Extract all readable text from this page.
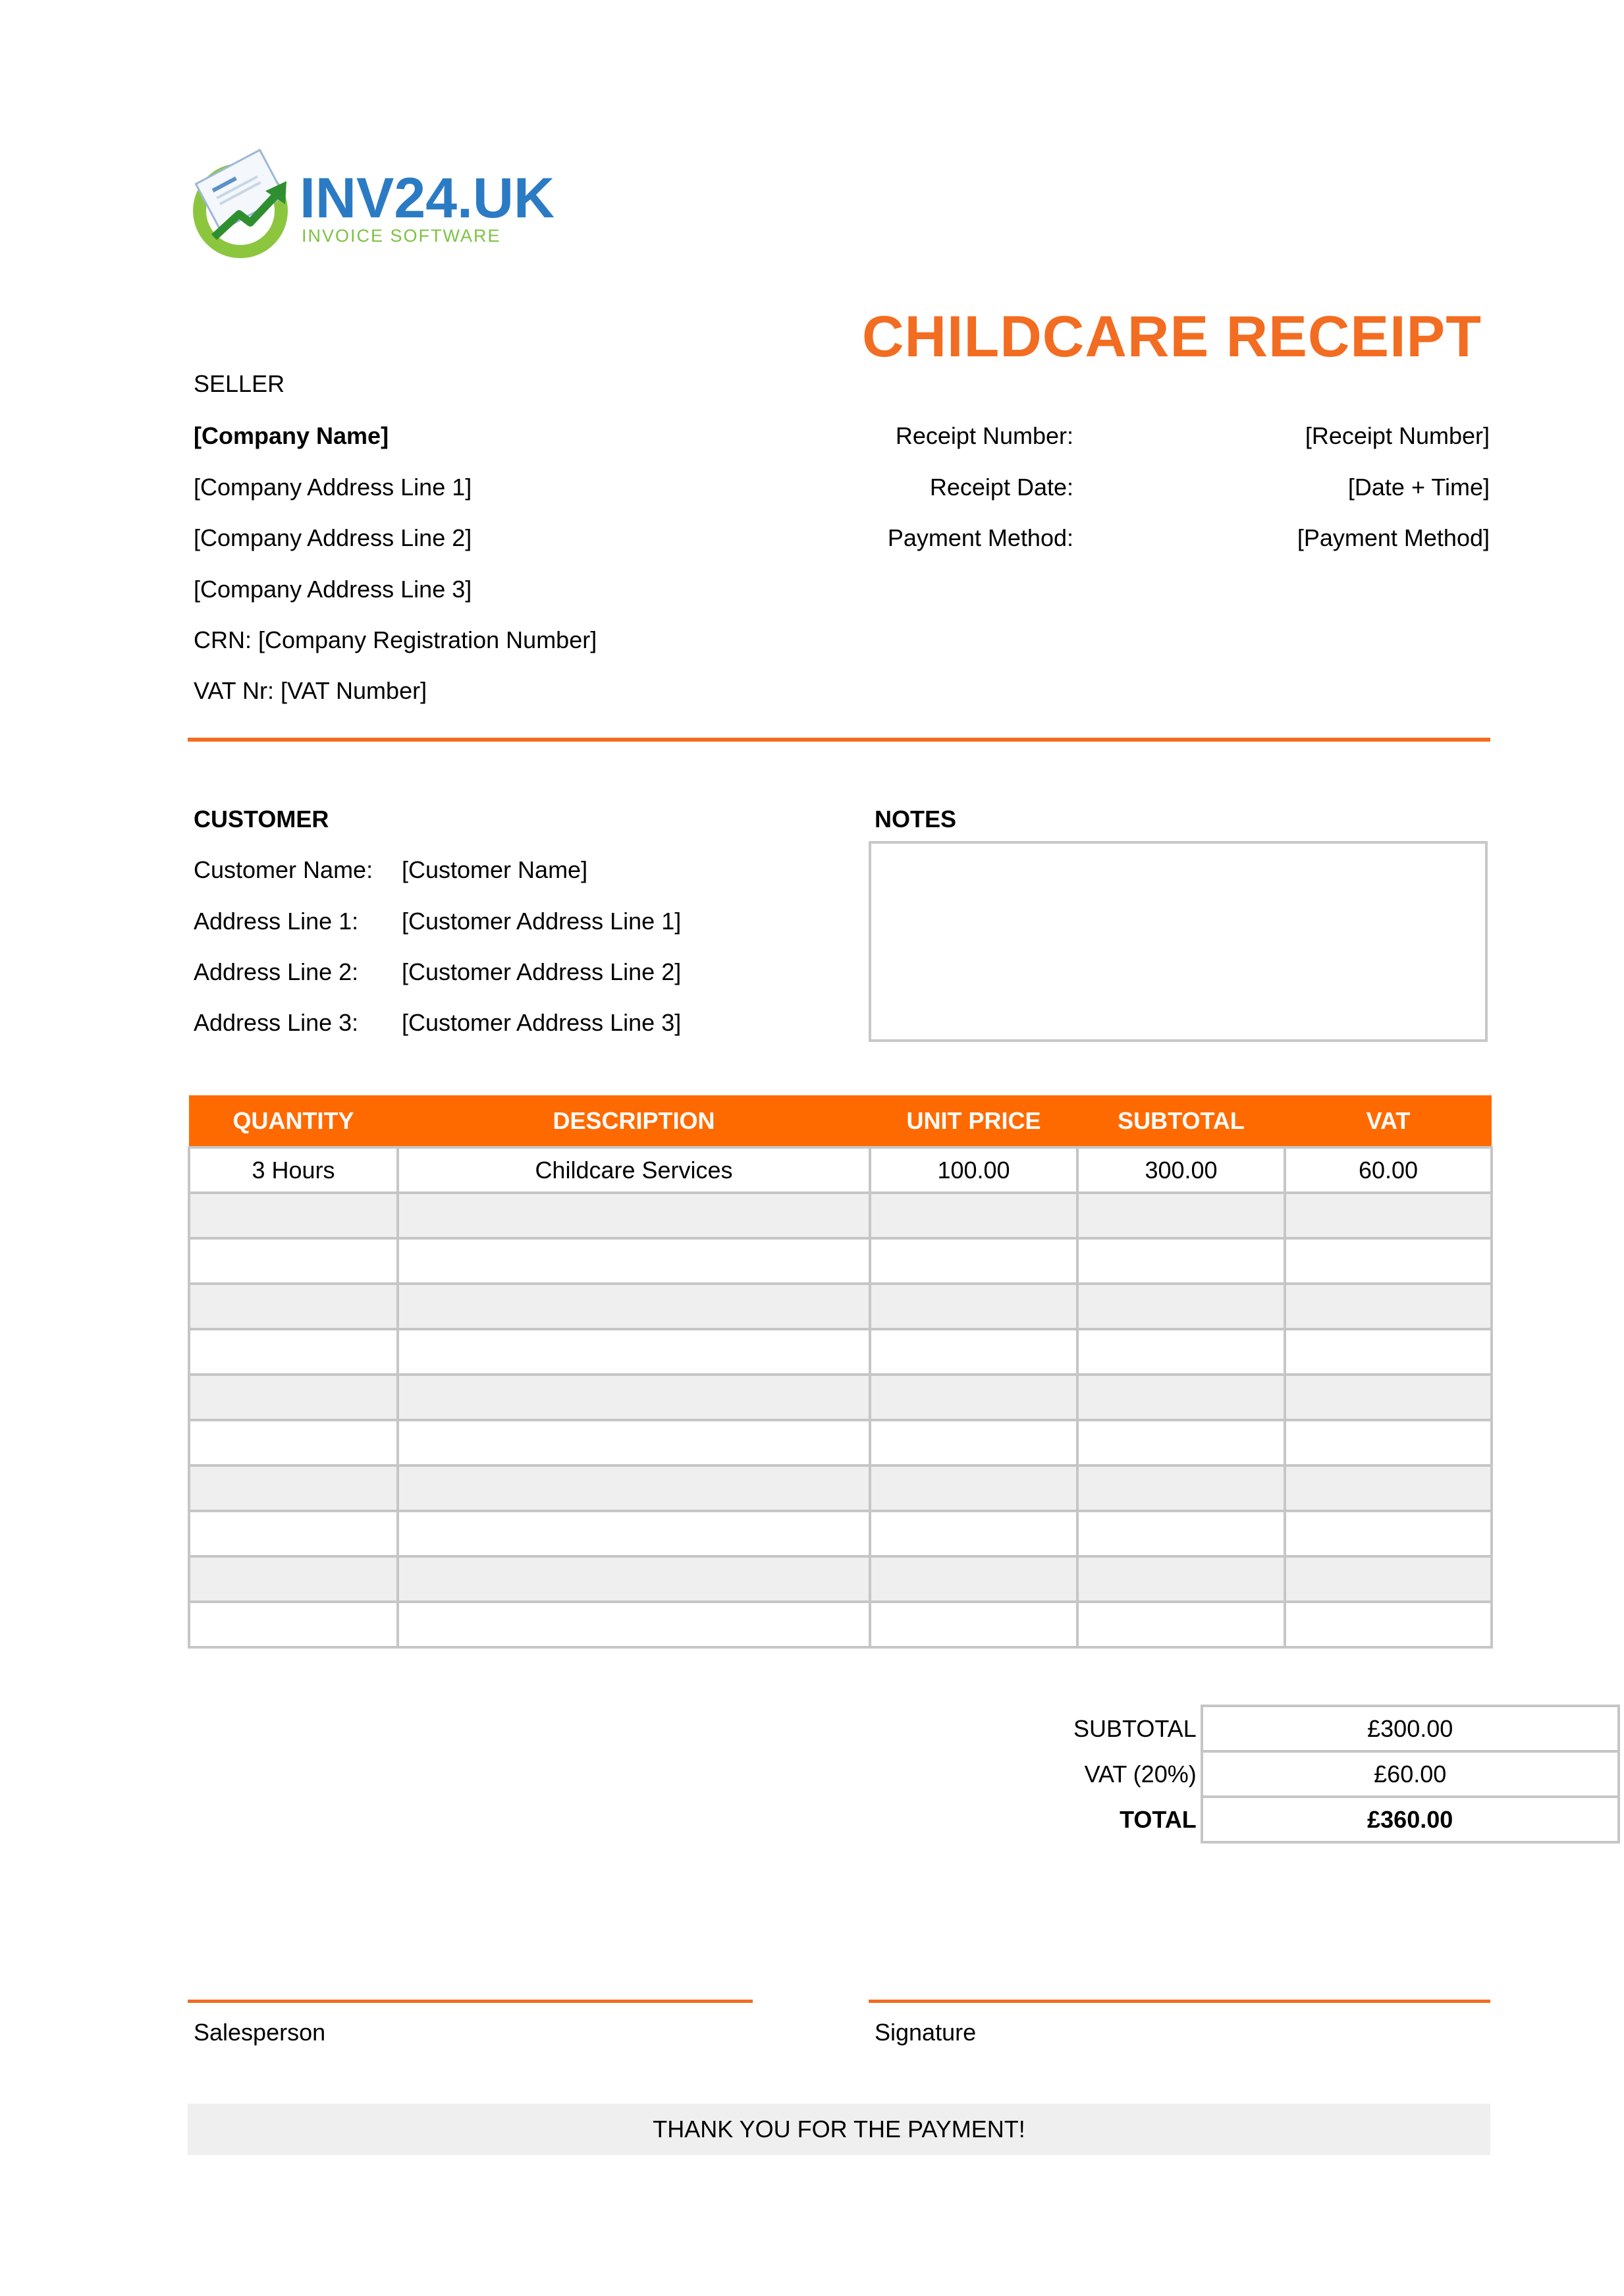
INV24.UK
INVOICE SOFTWARE
CHILDCARE RECEIPT
SELLER
[Company Name]
[Company Address Line 1]
[Company Address Line 2]
[Company Address Line 3]
CRN: [Company Registration Number]
VAT Nr: [VAT Number]
Receipt Number:	[Receipt Number]
Receipt Date:	[Date + Time]
Payment Method:	[Payment Method]
CUSTOMER
Customer Name: [Customer Name]
Address Line 1: [Customer Address Line 1]
Address Line 2: [Customer Address Line 2]
Address Line 3: [Customer Address Line 3]
NOTES
QUANTITY	DESCRIPTION	UNIT PRICE	SUBTOTAL	VAT
3 Hours	Childcare Services	100.00	300.00	60.00

SUBTOTAL	£300.00
VAT (20%)	£60.00
TOTAL	£360.00
Salesperson	Signature
THANK YOU FOR THE PAYMENT!
